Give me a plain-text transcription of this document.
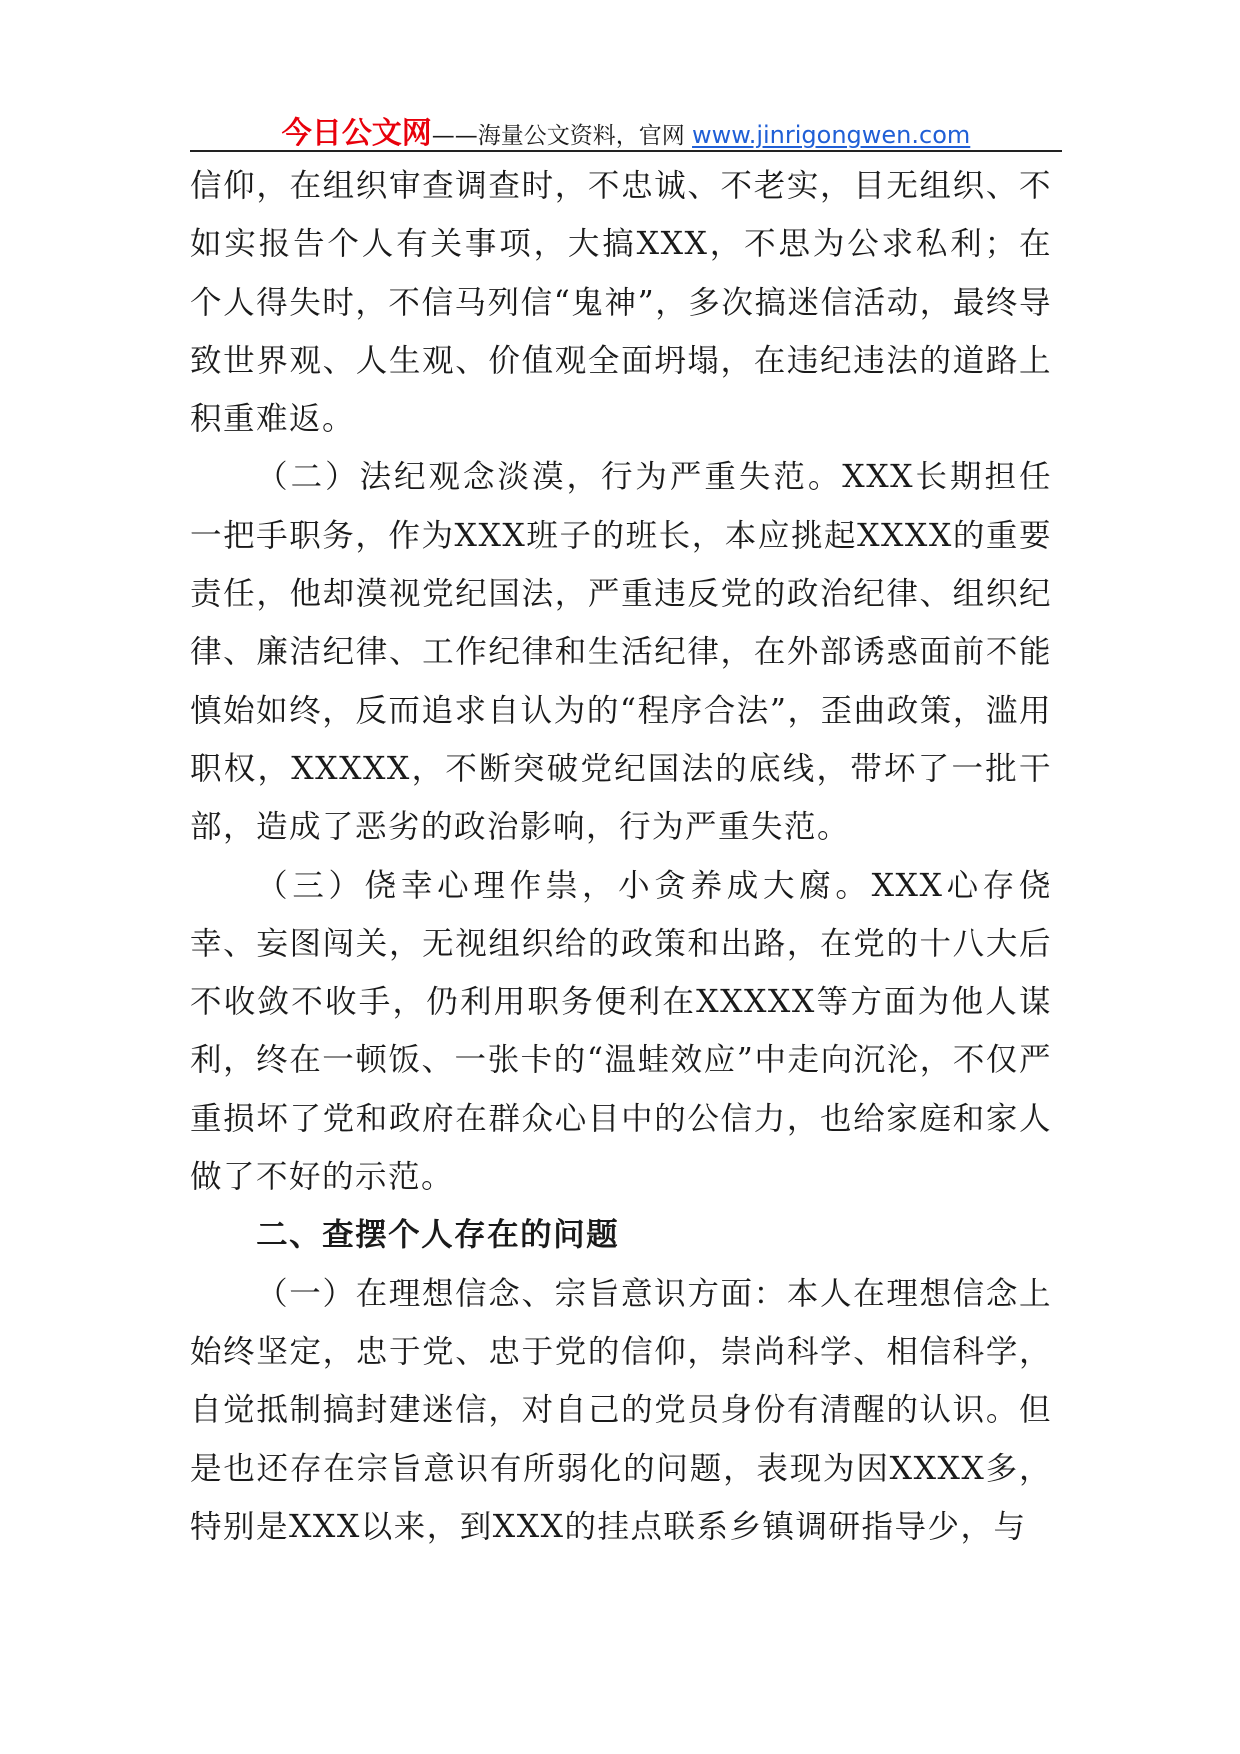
今日公文网——海量公文资料，官网 www.jinrigongwen.com

信仰，在组织审查调查时，不忠诚、不老实，目无组织、不如实报告个人有关事项，大搞XXX，不思为公求私利；在个人得失时，不信马列信“鬼神”，多次搞迷信活动，最终导致世界观、人生观、价值观全面坍塌，在违纪违法的道路上积重难返。

（二）法纪观念淡漠，行为严重失范。XXX长期担任一把手职务，作为XXX班子的班长，本应挑起XXXX的重要责任，他却漠视党纪国法，严重违反党的政治纪律、组织纪律、廉洁纪律、工作纪律和生活纪律，在外部诱惑面前不能慎始如终，反而追求自认为的“程序合法”，歪曲政策，滥用职权，XXXXX，不断突破党纪国法的底线，带坏了一批干部，造成了恶劣的政治影响，行为严重失范。

（三）侥幸心理作祟，小贪养成大腐。XXX心存侥幸、妄图闯关，无视组织给的政策和出路，在党的十八大后不收敛不收手，仍利用职务便利在XXXXX等方面为他人谋利，终在一顿饭、一张卡的“温蛙效应”中走向沉沦，不仅严重损坏了党和政府在群众心目中的公信力，也给家庭和家人做了不好的示范。

二、查摆个人存在的问题

（一）在理想信念、宗旨意识方面：本人在理想信念上始终坚定，忠于党、忠于党的信仰，崇尚科学、相信科学，自觉抵制搞封建迷信，对自己的党员身份有清醒的认识。但是也还存在宗旨意识有所弱化的问题，表现为因XXXX多，特别是XXX以来，到XXX的挂点联系乡镇调研指导少，与
